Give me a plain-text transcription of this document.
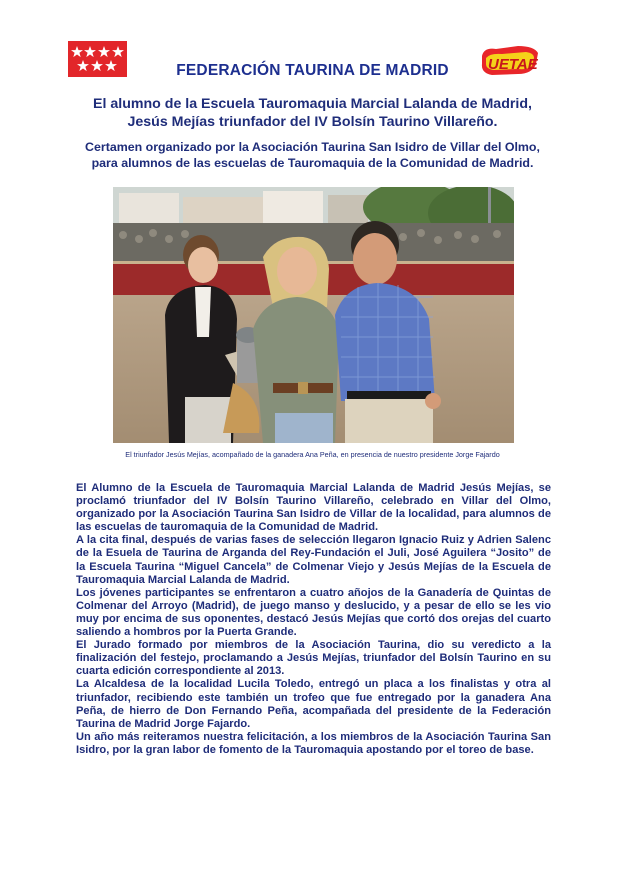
FEDERACIÓN TAURINA DE MADRID	UETAE
El alumno de la Escuela Tauromaquia Marcial Lalanda de Madrid,
Jesús Mejías triunfador del IV Bolsín Taurino Villareño.
Certamen organizado por la Asociación Taurina San Isidro de Villar del Olmo,
para alumnos de las escuelas de Tauromaquia de la Comunidad de Madrid.
El triunfador Jesús Mejías, acompañado de la ganadera Ana Peña, en presencia de nuestro presidente Jorge Fajardo

El Alumno de la Escuela de Tauromaquia Marcial Lalanda de Madrid Jesús Mejías, se proclamó triunfador del IV Bolsín Taurino Villareño, celebrado en Villar del Olmo, organizado por la Asociación Taurina San Isidro de Villar de la localidad, para alumnos de las escuelas de tauromaquia de la Comunidad de Madrid.

A la cita final, después de varias fases de selección llegaron Ignacio Ruiz y Adrien Salenc de la Esuela de Taurina de Arganda del Rey-Fundación el Juli, José Aguilera “Josito” de la Escuela Taurina “Miguel Cancela” de Colmenar Viejo y Jesús Mejías de la Escuela de Tauromaquia Marcial Lalanda de Madrid.

Los jóvenes participantes se enfrentaron a cuatro añojos de la Ganadería de Quintas de Colmenar del Arroyo (Madrid), de juego manso y deslucido, y a pesar de ello se les vio muy por encima de sus oponentes, destacó Jesús Mejías que cortó dos orejas del cuarto saliendo a hombros por la Puerta Grande.

El Jurado formado por miembros de la Asociación Taurina, dio su veredicto a la finalización del festejo, proclamando a Jesús Mejías, triunfador del Bolsín Taurino en su cuarta edición correspondiente al 2013.

La Alcaldesa de la localidad Lucila Toledo, entregó un placa a los finalistas y otra al triunfador, recibiendo este también un trofeo que fue entregado por la ganadera Ana Peña, de hierro de Don Fernando Peña, acompañada del presidente de la Federación Taurina de Madrid Jorge Fajardo.

Un año más reiteramos nuestra felicitación, a los miembros de la Asociación Taurina San Isidro, por la gran labor de fomento de la Tauromaquia apostando por el toreo de base.
